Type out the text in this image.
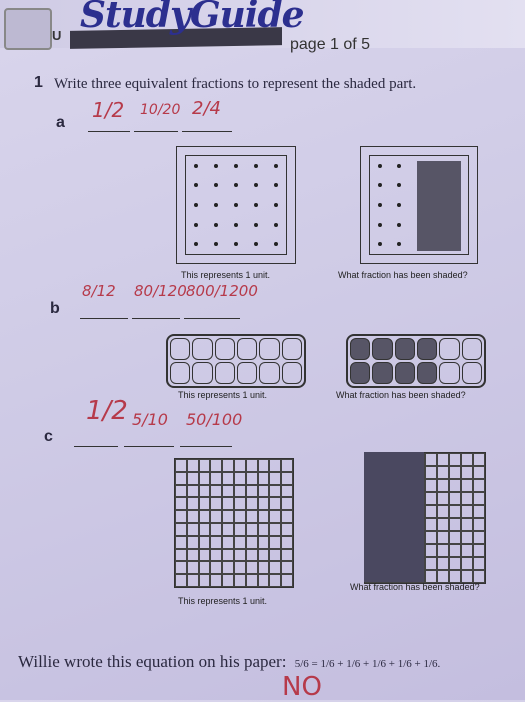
U StudyGuide
page 1 of 5
1 Write three equivalent fractions to represent the shaded part.
a
1/2 10/20 2/4
This represents 1 unit.	What fraction has been shaded?
b
8/12 80/120 800/1200
This represents 1 unit.	What fraction has been shaded?
c
1/2 5/10 50/100
This represents 1 unit.
What fraction has been shaded?
Willie wrote this equation on his paper: 5/6 = 1/6 + 1/6 + 1/6 + 1/6 + 1/6.
NO
